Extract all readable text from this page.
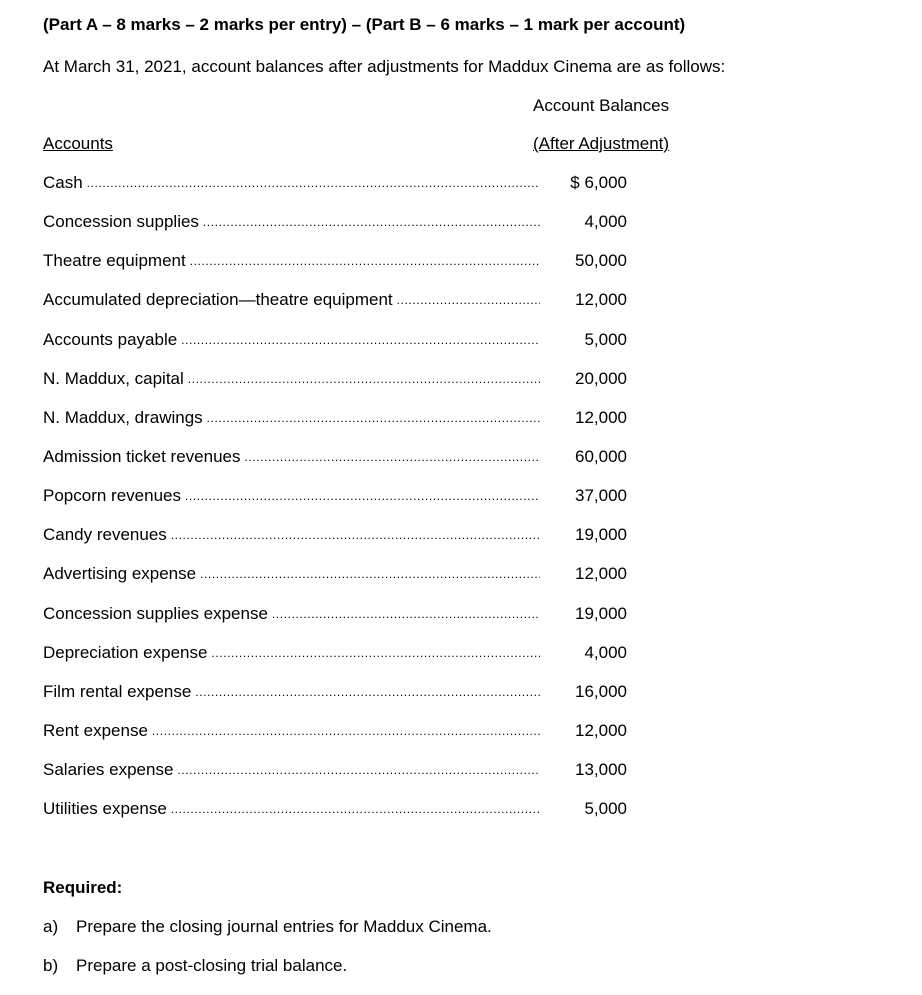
(Part A – 8 marks – 2 marks per entry) – (Part B – 6 marks – 1 mark per account)
At March 31, 2021, account balances after adjustments for Maddux Cinema are as follows:
Account Balances
Accounts	(After Adjustment)
Cash .....	$ 6,000
Concession supplies .....	4,000
Theatre equipment .....	50,000
Accumulated depreciation—theatre equipment .....	12,000
Accounts payable .....	5,000
N. Maddux, capital .....	20,000
N. Maddux, drawings .....	12,000
Admission ticket revenues .....	60,000
Popcorn revenues .....	37,000
Candy revenues .....	19,000
Advertising expense .....	12,000
Concession supplies expense .....	19,000
Depreciation expense .....	4,000
Film rental expense .....	16,000
Rent expense .....	12,000
Salaries expense .....	13,000
Utilities expense .....	5,000
Required:
a) Prepare the closing journal entries for Maddux Cinema.
b) Prepare a post-closing trial balance.
